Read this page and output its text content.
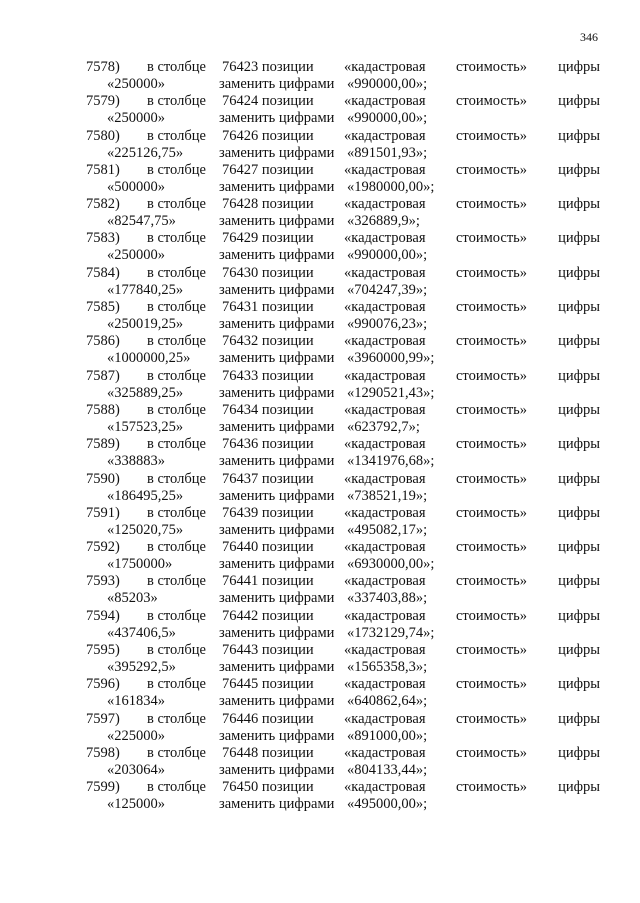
346
7578) в столбце 76423 позиции «кадастровая стоимость» цифры
«250000»	заменить цифрами «990000,00»;
7579) в столбце 76424 позиции «кадастровая стоимость» цифры
«250000»	заменить цифрами «990000,00»;
7580) в столбце 76426 позиции «кадастровая стоимость» цифры
«225126,75» заменить цифрами «891501,93»;
7581) в столбце 76427 позиции «кадастровая стоимость» цифры
«500000»	заменить цифрами «1980000,00»;
7582) в столбце 76428 позиции «кадастровая стоимость» цифры
«82547,75»	заменить цифрами «326889,9»;
7583) в столбце 76429 позиции «кадастровая стоимость» цифры
«250000»	заменить цифрами «990000,00»;
7584) в столбце 76430 позиции «кадастровая стоимость» цифры
«177840,25» заменить цифрами «704247,39»;
7585) в столбце 76431 позиции «кадастровая стоимость» цифры
«250019,25» заменить цифрами «990076,23»;
7586) в столбце 76432 позиции «кадастровая стоимость» цифры
«1000000,25» заменить цифрами «3960000,99»;
7587) в столбце 76433 позиции «кадастровая стоимость» цифры
«325889,25» заменить цифрами «1290521,43»;
7588) в столбце 76434 позиции «кадастровая стоимость» цифры
«157523,25» заменить цифрами «623792,7»;
7589) в столбце 76436 позиции «кадастровая стоимость» цифры
«338883»	заменить цифрами «1341976,68»;
7590) в столбце 76437 позиции «кадастровая стоимость» цифры
«186495,25» заменить цифрами «738521,19»;
7591) в столбце 76439 позиции «кадастровая стоимость» цифры
«125020,75» заменить цифрами «495082,17»;
7592) в столбце 76440 позиции «кадастровая стоимость» цифры
«1750000»	заменить цифрами «6930000,00»;
7593) в столбце 76441 позиции «кадастровая стоимость» цифры
«85203»	заменить цифрами «337403,88»;
7594) в столбце 76442 позиции «кадастровая стоимость» цифры
«437406,5»	заменить цифрами «1732129,74»;
7595) в столбце 76443 позиции «кадастровая стоимость» цифры
«395292,5»	заменить цифрами «1565358,3»;
7596) в столбце 76445 позиции «кадастровая стоимость» цифры
«161834»	заменить цифрами «640862,64»;
7597) в столбце 76446 позиции «кадастровая стоимость» цифры
«225000»	заменить цифрами «891000,00»;
7598) в столбце 76448 позиции «кадастровая стоимость» цифры
«203064»	заменить цифрами «804133,44»;
7599) в столбце 76450 позиции «кадастровая стоимость» цифры
«125000»	заменить цифрами «495000,00»;
